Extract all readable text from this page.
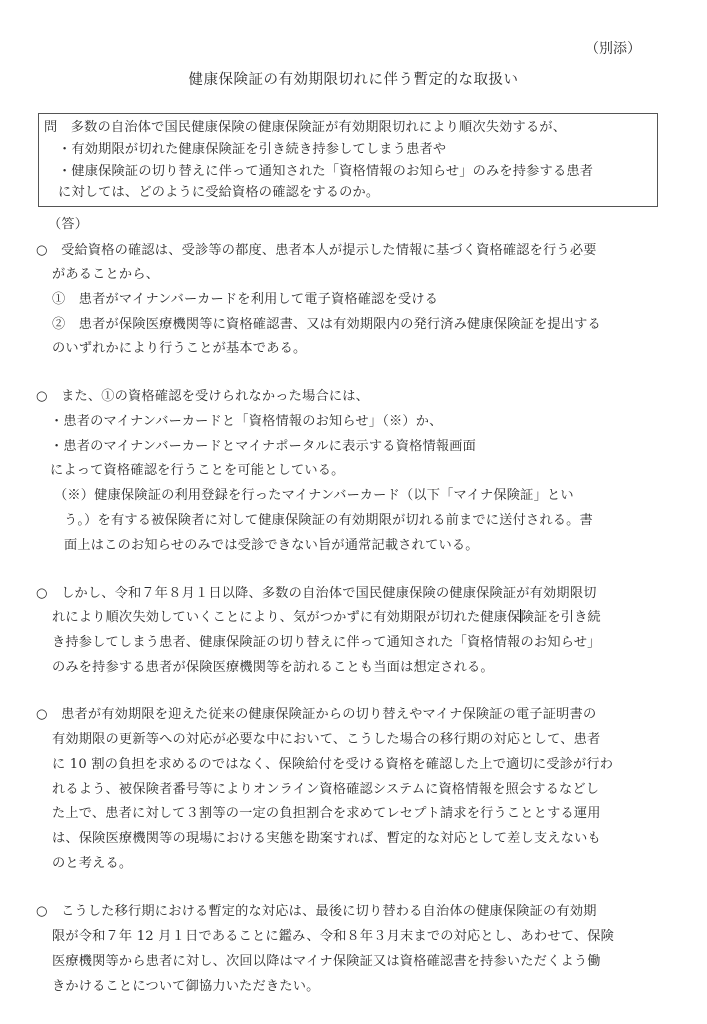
（別添）
健康保険証の有効期限切れに伴う暫定的な取扱い
問　多数の自治体で国民健康保険の健康保険証が有効期限切れにより順次失効するが、
・有効期限が切れた健康保険証を引き続き持参してしまう患者や
・健康保険証の切り替えに伴って通知された「資格情報のお知らせ」のみを持参する患者
に対しては、どのように受給資格の確認をするのか。
（答）
○　受給資格の確認は、受診等の都度、患者本人が提示した情報に基づく資格確認を行う必要
があることから、
①　患者がマイナンバーカードを利用して電子資格確認を受ける
②　患者が保険医療機関等に資格確認書、又は有効期限内の発行済み健康保険証を提出する
のいずれかにより行うことが基本である。
○　また、①の資格確認を受けられなかった場合には、
・患者のマイナンバーカードと「資格情報のお知らせ」（※）か、
・患者のマイナンバーカードとマイナポータルに表示する資格情報画面
によって資格確認を行うことを可能としている。
（※）健康保険証の利用登録を行ったマイナンバーカード（以下「マイナ保険証」とい
う。）を有する被保険者に対して健康保険証の有効期限が切れる前までに送付される。書
面上はこのお知らせのみでは受診できない旨が通常記載されている。
○　しかし、令和７年８月１日以降、多数の自治体で国民健康保険の健康保険証が有効期限切
れにより順次失効していくことにより、気がつかずに有効期限が切れた健康保険証を引き続
き持参してしまう患者、健康保険証の切り替えに伴って通知された「資格情報のお知らせ」
のみを持参する患者が保険医療機関等を訪れることも当面は想定される。
○　患者が有効期限を迎えた従来の健康保険証からの切り替えやマイナ保険証の電子証明書の
有効期限の更新等への対応が必要な中において、こうした場合の移行期の対応として、患者
に 10 割の負担を求めるのではなく、保険給付を受ける資格を確認した上で適切に受診が行わ
れるよう、被保険者番号等によりオンライン資格確認システムに資格情報を照会するなどし
た上で、患者に対して３割等の一定の負担割合を求めてレセプト請求を行うこととする運用
は、保険医療機関等の現場における実態を勘案すれば、暫定的な対応として差し支えないも
のと考える。
○　こうした移行期における暫定的な対応は、最後に切り替わる自治体の健康保険証の有効期
限が令和７年 12 月１日であることに鑑み、令和８年３月末までの対応とし、あわせて、保険
医療機関等から患者に対し、次回以降はマイナ保険証又は資格確認書を持参いただくよう働
きかけることについて御協力いただきたい。
